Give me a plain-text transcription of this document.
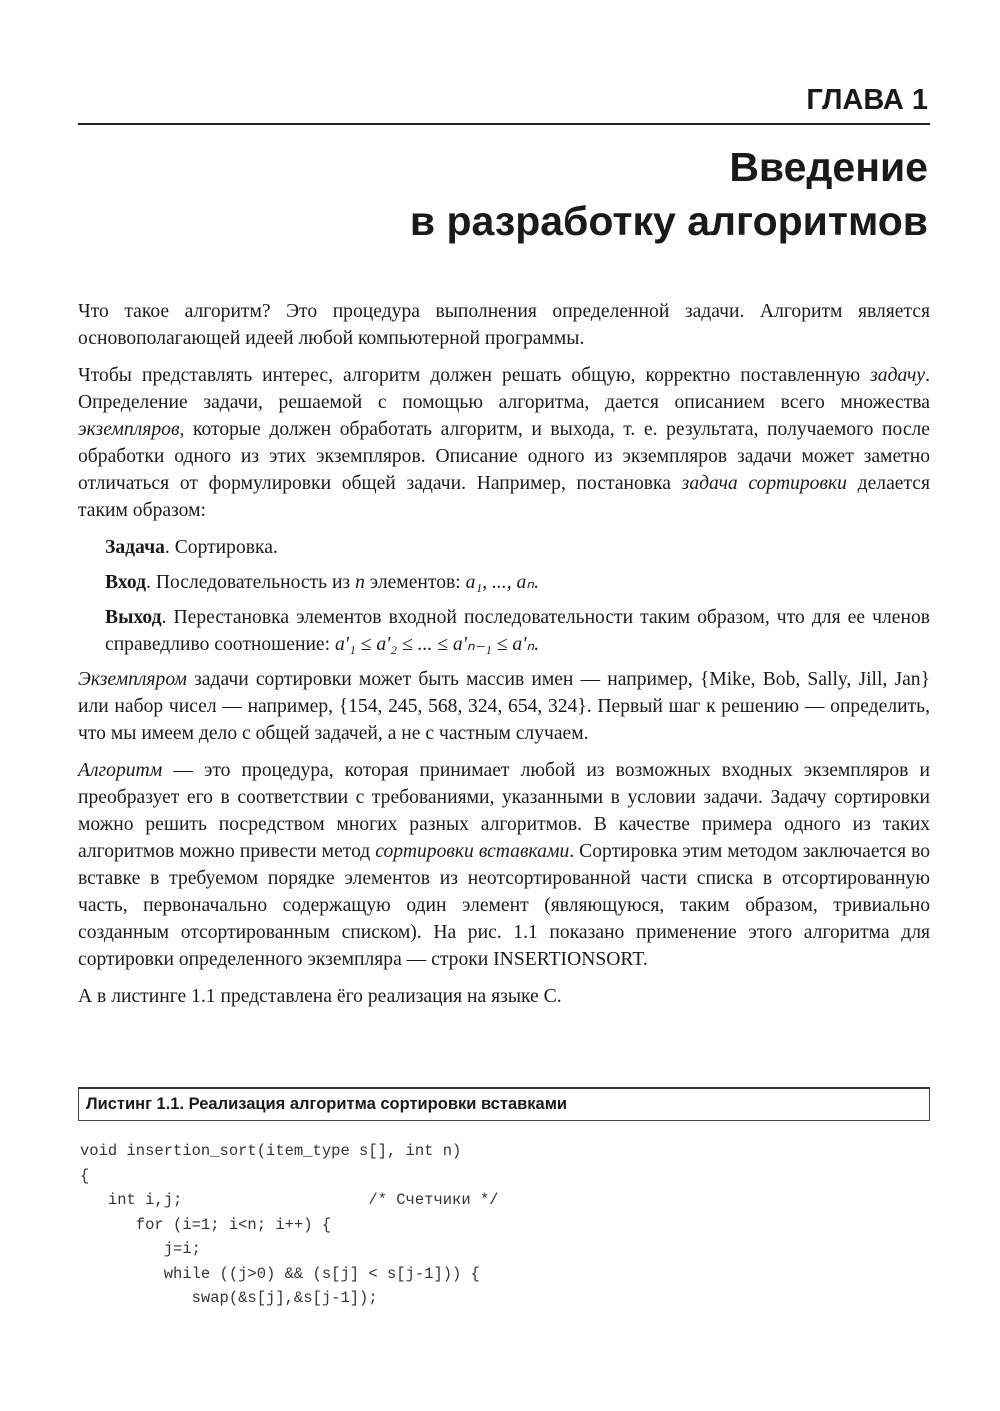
ГЛАВА 1
Введение
в разработку алгоритмов

Что такое алгоритм? Это процедура выполнения определенной задачи. Алгоритм является основополагающей идеей любой компьютерной программы.

Чтобы представлять интерес, алгоритм должен решать общую, корректно поставленную задачу. Определение задачи, решаемой с помощью алгоритма, дается описанием всего множества экземпляров, которые должен обработать алгоритм, и выхода, т. е. результата, получаемого после обработки одного из этих экземпляров. Описание одного из экземпляров задачи может заметно отличаться от формулировки общей задачи. Например, постановка задача сортировки делается таким образом:

Задача. Сортировка.

Вход. Последовательность из n элементов: a₁, ..., aₙ.

Выход. Перестановка элементов входной последовательности таким образом, что для ее членов справедливо соотношение: a'₁ ≤ a'₂ ≤ ... ≤ a'ₙ₋₁ ≤ a'ₙ.

Экземпляром задачи сортировки может быть массив имен — например, {Mike, Bob, Sally, Jill, Jan} или набор чисел — например, {154, 245, 568, 324, 654, 324}. Первый шаг к решению — определить, что мы имеем дело с общей задачей, а не с частным случаем.

Алгоритм — это процедура, которая принимает любой из возможных входных экземпляров и преобразует его в соответствии с требованиями, указанными в условии задачи. Задачу сортировки можно решить посредством многих разных алгоритмов. В качестве примера одного из таких алгоритмов можно привести метод сортировки вставками. Сортировка этим методом заключается во вставке в требуемом порядке элементов из неотсортированной части списка в отсортированную часть, первоначально содержащую один элемент (являющуюся, таким образом, тривиально созданным отсортированным списком). На рис. 1.1 показано применение этого алгоритма для сортировки определенного экземпляра — строки INSERTIONSORT.

А в листинге 1.1 представлена ёго реализация на языке С.

Листинг 1.1. Реализация алгоритма сортировки вставками
void insertion_sort(item_type s[], int n)
{
int i,j;                    /* Счетчики */
for (i=1; i<n; i++) {
j=i;
while ((j>0) && (s[j] < s[j-1])) {
swap(&s[j],&s[j-1]);
